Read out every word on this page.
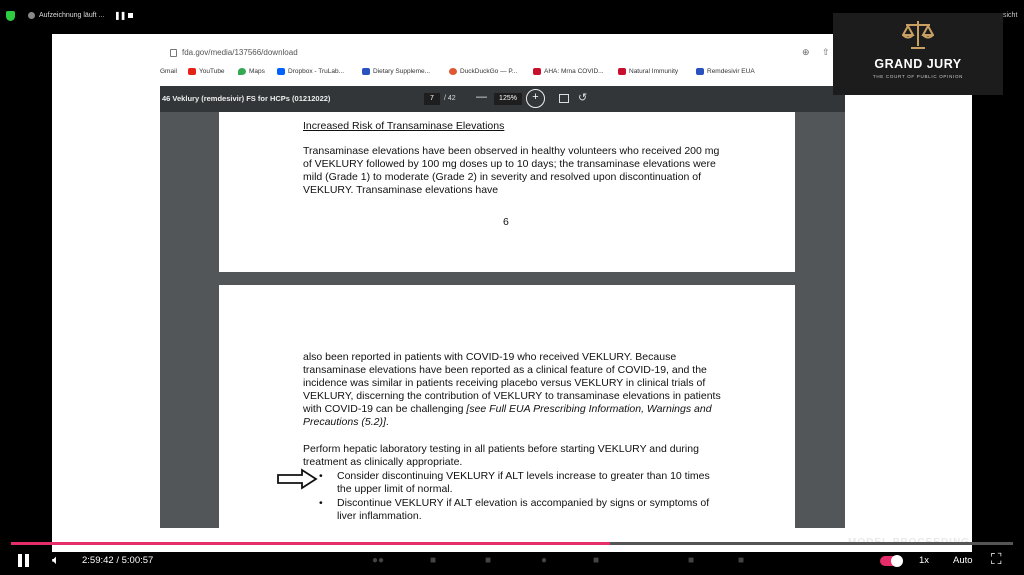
Aufzeichnung läuft ... ❚❚	sicht
fda.gov/media/137566/download	⊕ ⇧
Gmail	YouTube	Maps	Dropbox - TruLab...	Dietary Suppleme...	DuckDuckGo — P...	AHA: Mrna COVID...	Natural Immunity	Remdesivir EUA
46 Veklury (remdesivir) FS for HCPs (01212022)	7	/ 42 —	125%	+	↺
Increased Risk of Transaminase Elevations
Transaminase elevations have been observed in healthy volunteers who received 200 mg of VEKLURY followed by 100 mg doses up to 10 days; the transaminase elevations were mild (Grade 1) to moderate (Grade 2) in severity and resolved upon discontinuation of VEKLURY. Transaminase elevations have
6
also been reported in patients with COVID-19 who received VEKLURY. Because transaminase elevations have been reported as a clinical feature of COVID-19, and the incidence was similar in patients receiving placebo versus VEKLURY in clinical trials of VEKLURY, discerning the contribution of VEKLURY to transaminase elevations in patients with COVID-19 can be challenging [see Full EUA Prescribing Information, Warnings and Precautions (5.2)].
Perform hepatic laboratory testing in all patients before starting VEKLURY and during treatment as clinically appropriate.
• Consider discontinuing VEKLURY if ALT levels increase to greater than 10 times the upper limit of normal.
• Discontinue VEKLURY if ALT elevation is accompanied by signs or symptoms of liver inflammation.
GRAND JURY
THE COURT OF PUBLIC OPINION
🔈︎ 2:59:42 / 5:00:57	●●	■	■	●	■	■	■	1x	Auto ⛶
